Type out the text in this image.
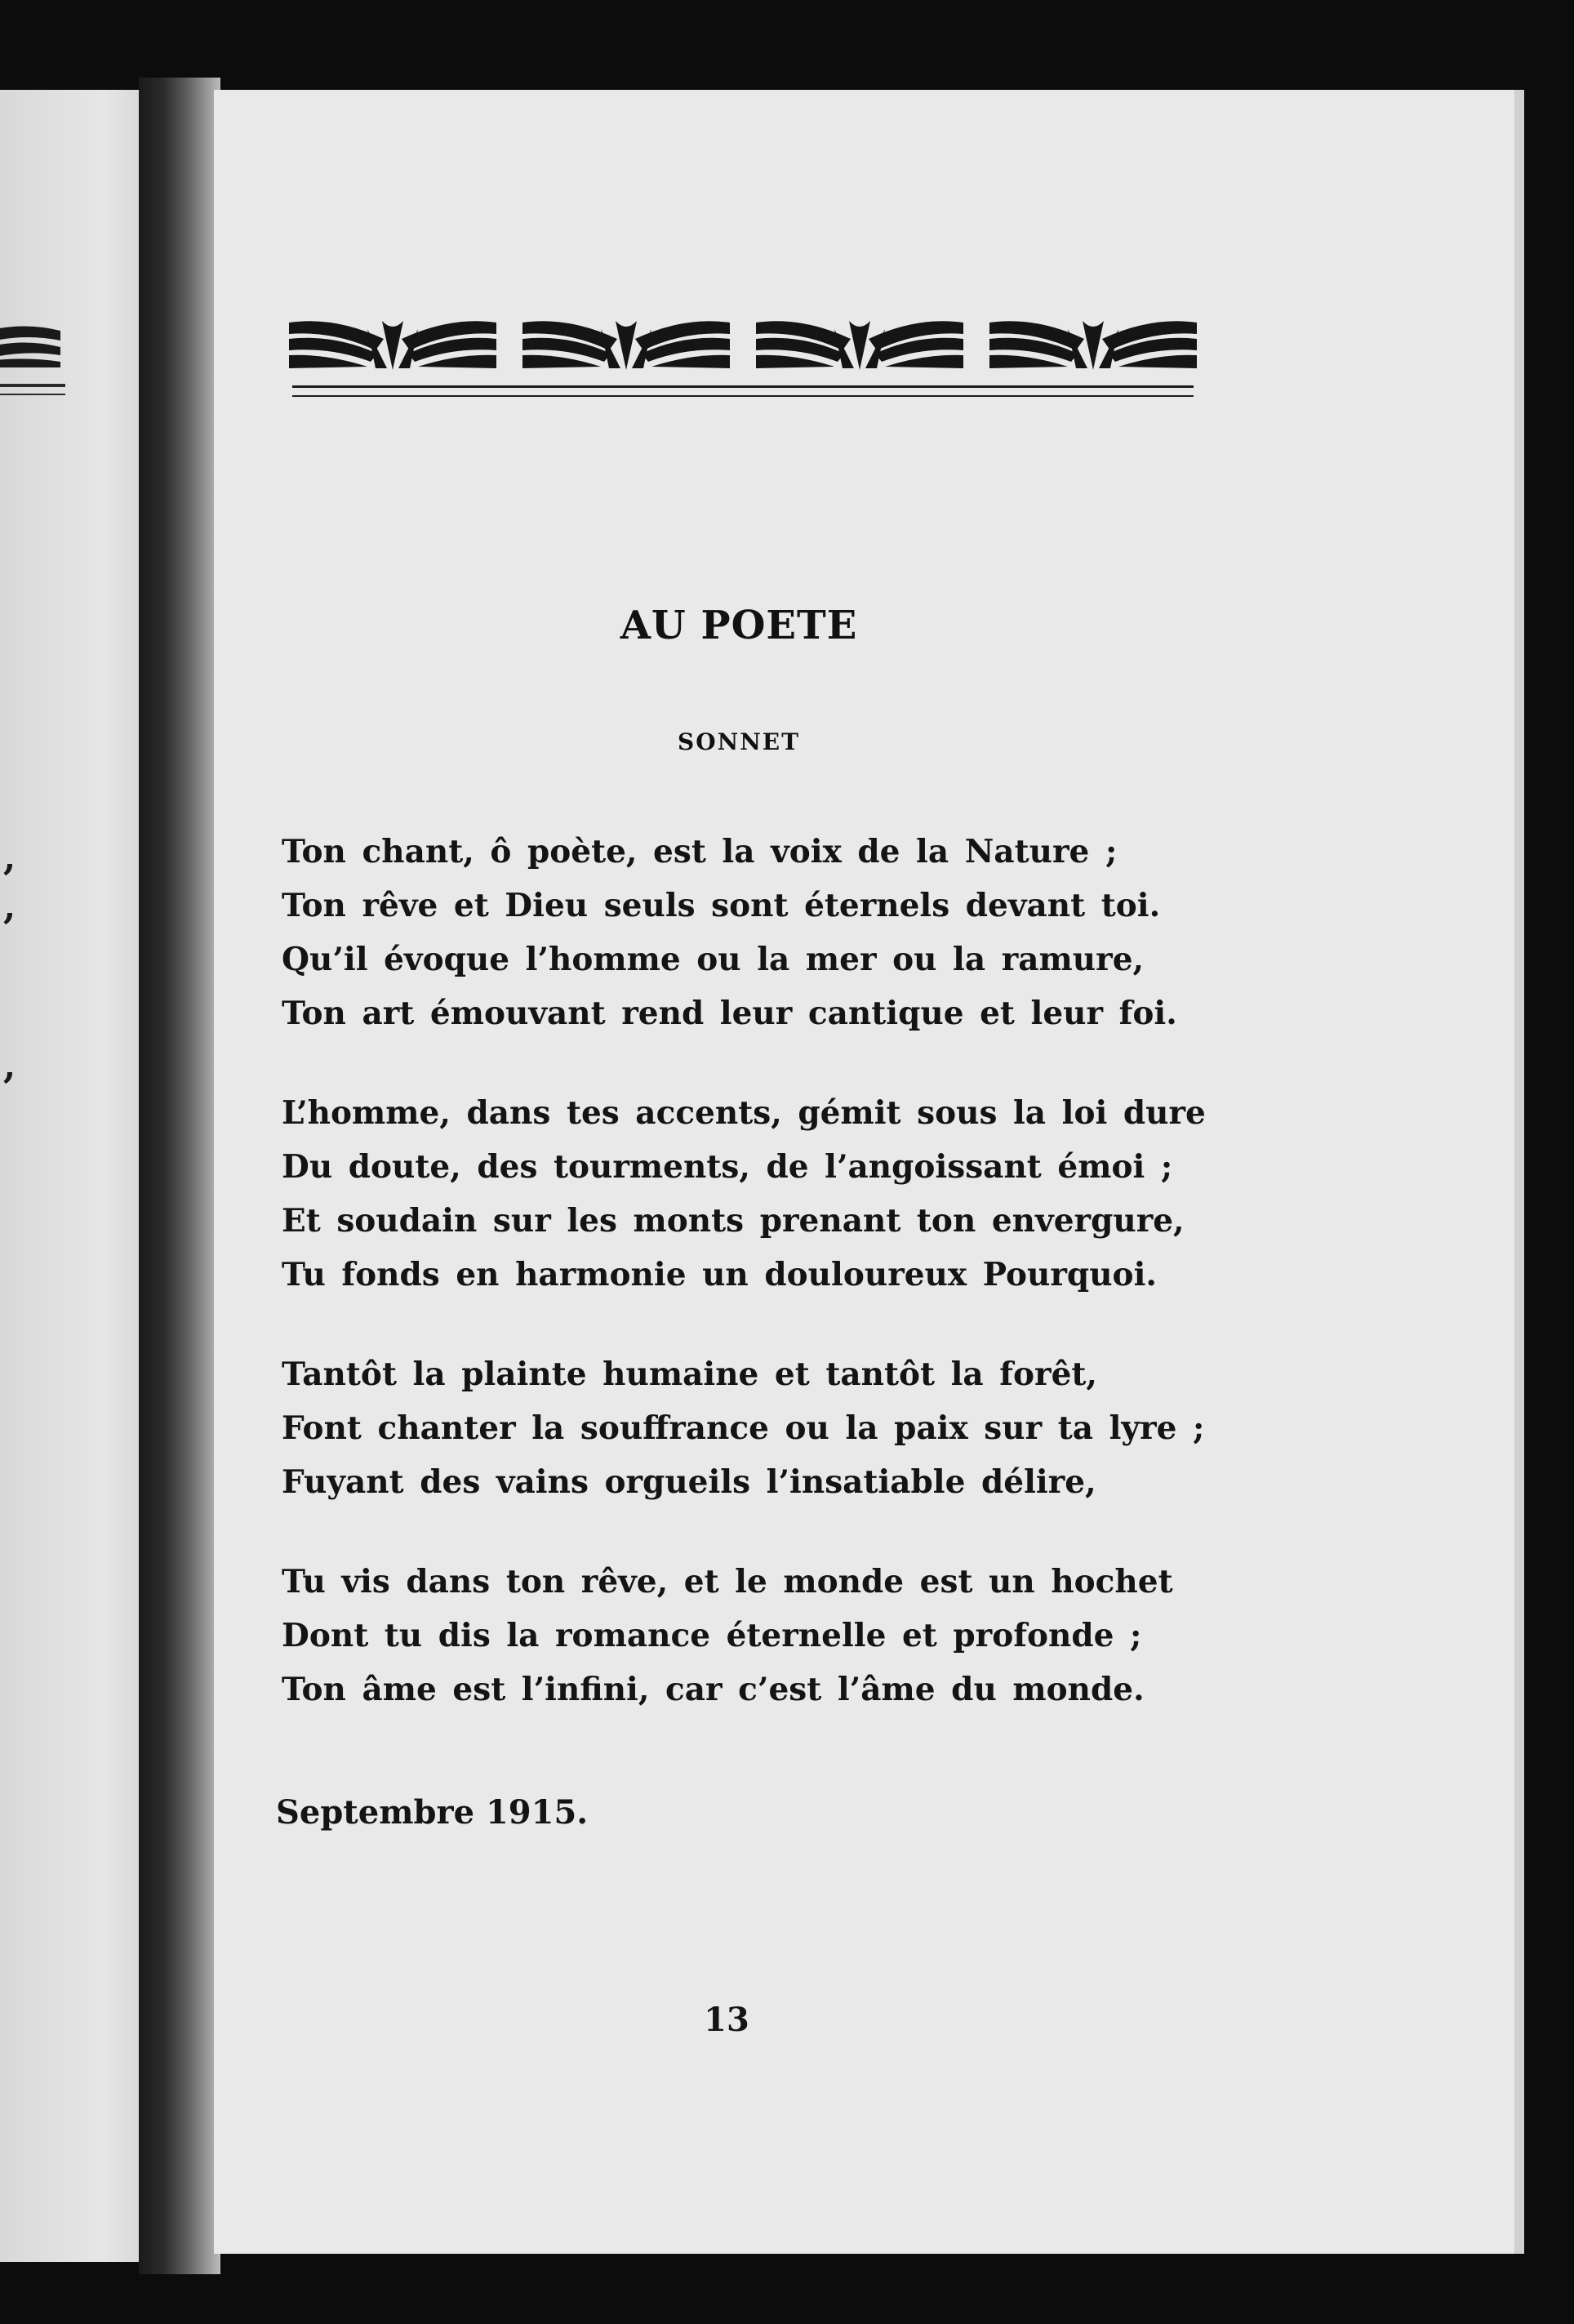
,
,
,
AU POETE
SONNET
Ton chant, ô poète, est la voix de la Nature ;
Ton rêve et Dieu seuls sont éternels devant toi.
Qu’il évoque l’homme ou la mer ou la ramure,
Ton art émouvant rend leur cantique et leur foi.
L’homme, dans tes accents, gémit sous la loi dure
Du doute, des tourments, de l’angoissant émoi ;
Et soudain sur les monts prenant ton envergure,
Tu fonds en harmonie un douloureux Pourquoi.
Tantôt la plainte humaine et tantôt la forêt,
Font chanter la souffrance ou la paix sur ta lyre ;
Fuyant des vains orgueils l’insatiable délire,
Tu vis dans ton rêve, et le monde est un hochet
Dont tu dis la romance éternelle et profonde ;
Ton âme est l’infini, car c’est l’âme du monde.
Septembre 1915.
13
